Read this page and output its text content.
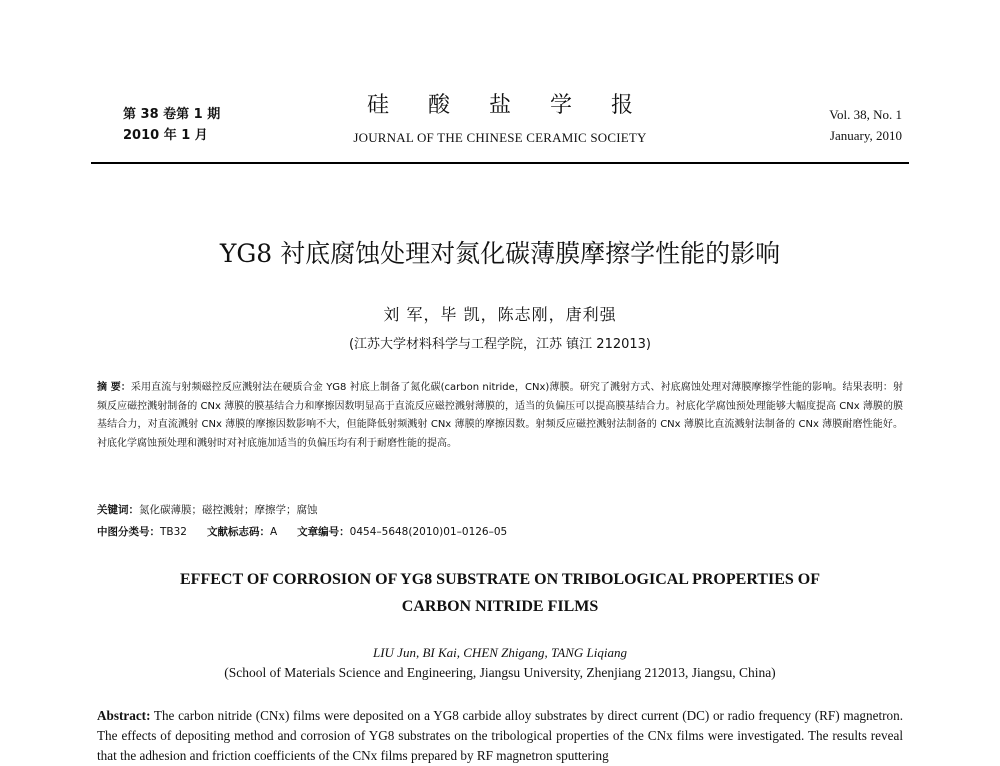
第 38 卷第 1 期
2010 年 1 月
硅 酸 盐 学 报
JOURNAL OF THE CHINESE CERAMIC SOCIETY
Vol. 38, No. 1
January, 2010
YG8 衬底腐蚀处理对氮化碳薄膜摩擦学性能的影响
刘 军，毕 凯，陈志刚，唐利强
(江苏大学材料科学与工程学院，江苏 镇江 212013)
摘 要：采用直流与射频磁控反应溅射法在硬质合金 YG8 衬底上制备了氮化碳(carbon nitride，CNx)薄膜。研究了溅射方式、衬底腐蚀处理对薄膜摩擦学性能的影响。结果表明：射频反应磁控溅射制备的 CNx 薄膜的膜基结合力和摩擦因数明显高于直流反应磁控溅射薄膜的，适当的负偏压可以提高膜基结合力。衬底化学腐蚀预处理能够大幅度提高 CNx 薄膜的膜基结合力，对直流溅射 CNx 薄膜的摩擦因数影响不大，但能降低射频溅射 CNx 薄膜的摩擦因数。射频反应磁控溅射法制备的 CNx 薄膜比直流溅射法制备的 CNx 薄膜耐磨性能好。衬底化学腐蚀预处理和溅射时对衬底施加适当的负偏压均有利于耐磨性能的提高。
关键词：氮化碳薄膜；磁控溅射；摩擦学；腐蚀
中图分类号：TB32 文献标志码：A 文章编号：0454–5648(2010)01–0126–05
EFFECT OF CORROSION OF YG8 SUBSTRATE ON TRIBOLOGICAL PROPERTIES OF
CARBON NITRIDE FILMS
LIU Jun, BI Kai, CHEN Zhigang, TANG Liqiang
(School of Materials Science and Engineering, Jiangsu University, Zhenjiang 212013, Jiangsu, China)
Abstract: The carbon nitride (CNx) films were deposited on a YG8 carbide alloy substrates by direct current (DC) or radio frequency (RF) magnetron. The effects of depositing method and corrosion of YG8 substrates on the tribological properties of the CNx films were investigated. The results reveal that the adhesion and friction coefficients of the CNx films prepared by RF magnetron sputtering
